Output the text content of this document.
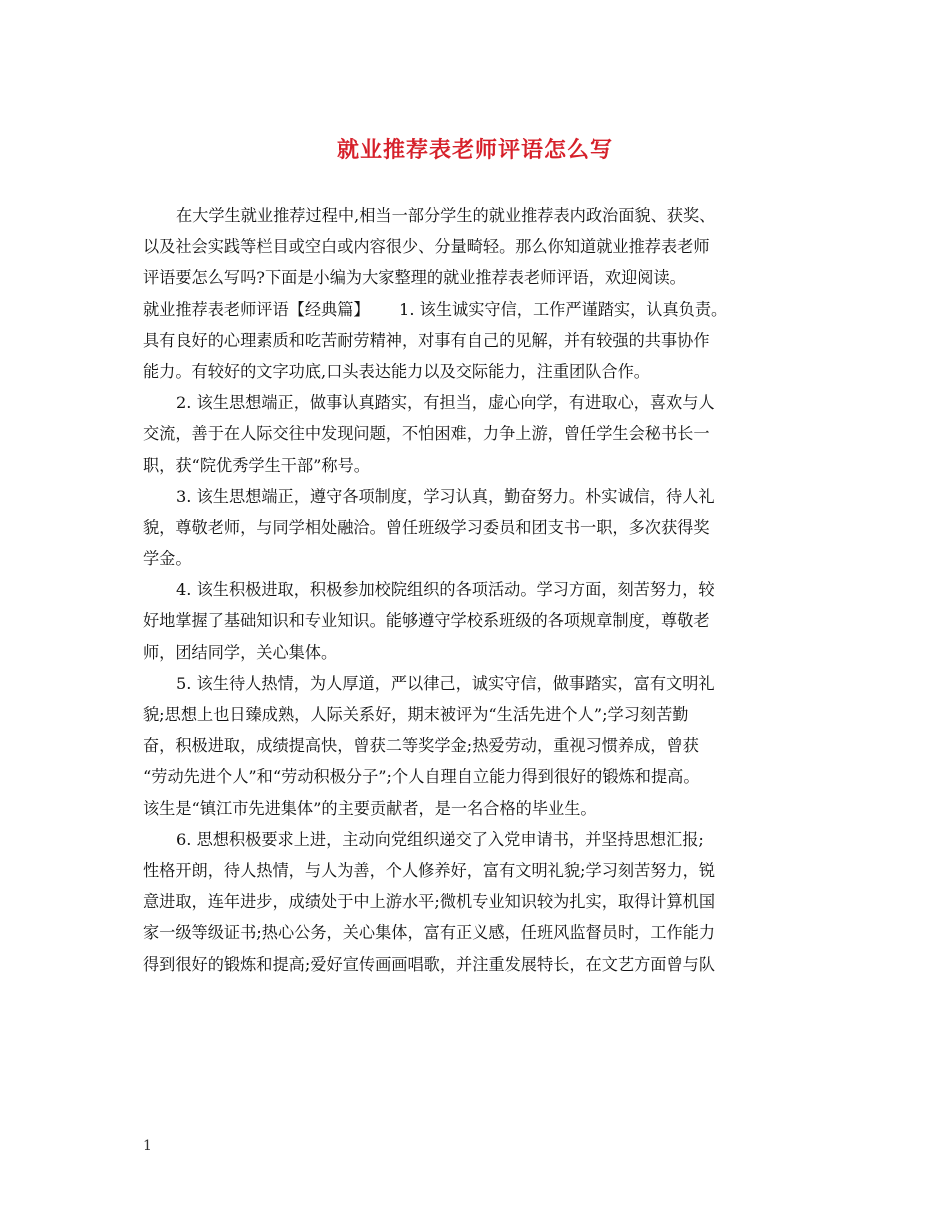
就业推荐表老师评语怎么写
在大学生就业推荐过程中,相当一部分学生的就业推荐表内政治面貌、获奖、
以及社会实践等栏目或空白或内容很少、分量畸轻。那么你知道就业推荐表老师
评语要怎么写吗?下面是小编为大家整理的就业推荐表老师评语，欢迎阅读。
就业推荐表老师评语【经典篇】　　 1. 该生诚实守信，工作严谨踏实，认真负责。
具有良好的心理素质和吃苦耐劳精神，对事有自己的见解，并有较强的共事协作
能力。有较好的文字功底,口头表达能力以及交际能力，注重团队合作。
2. 该生思想端正，做事认真踏实，有担当，虚心向学，有进取心，喜欢与人
交流，善于在人际交往中发现问题，不怕困难，力争上游，曾任学生会秘书长一
职，获“院优秀学生干部”称号。
3. 该生思想端正，遵守各项制度，学习认真，勤奋努力。朴实诚信，待人礼
貌，尊敬老师，与同学相处融洽。曾任班级学习委员和团支书一职，多次获得奖
学金。
4. 该生积极进取，积极参加校院组织的各项活动。学习方面，刻苦努力，较
好地掌握了基础知识和专业知识。能够遵守学校系班级的各项规章制度，尊敬老
师，团结同学，关心集体。
5. 该生待人热情，为人厚道，严以律己，诚实守信，做事踏实，富有文明礼
貌;思想上也日臻成熟，人际关系好，期末被评为“生活先进个人”;学习刻苦勤
奋，积极进取，成绩提高快，曾获二等奖学金;热爱劳动，重视习惯养成，曾获
“劳动先进个人”和“劳动积极分子”;个人自理自立能力得到很好的锻炼和提高。
该生是“镇江市先进集体”的主要贡献者，是一名合格的毕业生。
6. 思想积极要求上进，主动向党组织递交了入党申请书，并坚持思想汇报;
性格开朗，待人热情，与人为善，个人修养好，富有文明礼貌;学习刻苦努力，锐
意进取，连年进步，成绩处于中上游水平;微机专业知识较为扎实，取得计算机国
家一级等级证书;热心公务，关心集体，富有正义感，任班风监督员时，工作能力
得到很好的锻炼和提高;爱好宣传画画唱歌，并注重发展特长，在文艺方面曾与队
1
